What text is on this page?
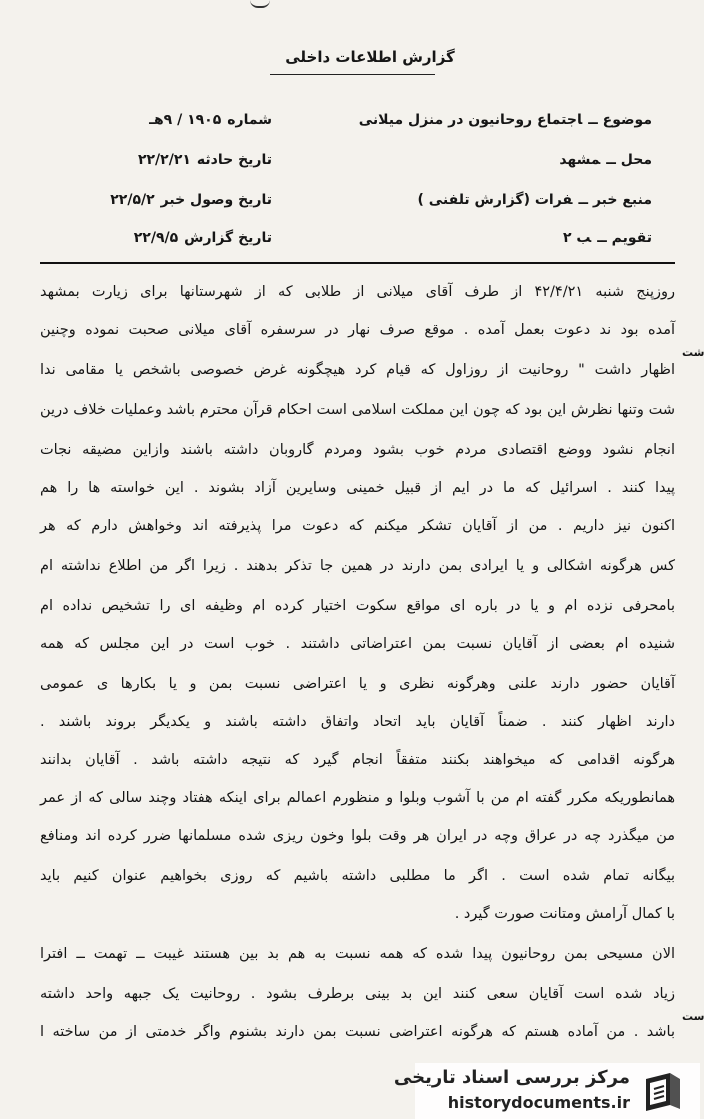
گزارش اطلاعات داخلی
موضوع ــاجتماع روحانیون در منزل میلانی
محل ــمشهد
منبع خبر ــفرات (گزارش تلفنی )
تقویم ــب ۲
شماره۱۹۰۵ / ۹هـ
تاریخ حادثه۲۲/۲/۲۱
تاریخ وصول خبر۲۲/۵/۲
تاریخ گزارش۲۲/۹/۵
روزپنج شنبه ۴۲/۴/۲۱ از طرف آقای میلانی از طلابی که از شهرستانها برای زیارت بمشهد
آمده بود ند دعوت بعمل آمده . موقع صرف نهار در سرسفره آقای میلانی صحبت نموده وچنین
اظهار داشت " روحانیت از روزاول که قیام کرد هیچگونه غرض خصوصی باشخص یا مقامی ندا
شت وتنها نظرش این بود که چون این مملکت اسلامی است احکام قرآن محترم باشد وعملیات خلاف درین
انجام نشود ووضع اقتصادی مردم خوب بشود ومردم گاروبان داشته باشند وازاین مضیقه نجات
پیدا کنند . اسرائیل که ما در ایم از قبیل خمینی وسایرین آزاد بشوند . این خواسته ها را هم
اکنون نیز داریم . من از آقایان تشکر میکنم که دعوت مرا پذیرفته اند وخواهش دارم که هر
کس هرگونه اشکالی و یا ایرادی بمن دارند در همین جا تذکر بدهند . زیرا اگر من اطلاع نداشته ام
بامحرفی نزده ام و یا در باره ای مواقع سکوت اختیار کرده ام وظیفه ای را تشخیص نداده ام
شنیده ام بعضی از آقایان نسبت بمن اعتراضاتی داشتند . خوب است در این مجلس که همه
آقایان حضور دارند علنی وهرگونه نظری و یا اعتراضی نسبت بمن و یا بکارها ی عمومی
دارند اظهار کنند . ضمناً آقایان باید اتحاد واتفاق داشته باشند و یکدیگر بروند باشند .
هرگونه اقدامی که میخواهند بکنند متفقاً انجام گیرد که نتیجه داشته باشد . آقایان بدانند
همانطوریکه مکرر گفته ام من با آشوب وبلوا و منظورم اعمالم برای اینکه هفتاد وچند سالی که از عمر
من میگذرد چه در عراق وچه در ایران هر وقت بلوا وخون ریزی شده مسلمانها ضرر کرده اند ومنافع
بیگانه تمام شده است . اگر ما مطلبی داشته باشیم که روزی بخواهیم عنوان کنیم باید
با کمال آرامش ومتانت صورت گیرد .
الان مسیحی بمن روحانیون پیدا شده که همه نسبت به هم بد بین هستند غیبت ــ تهمت ــ افترا
زیاد شده است آقایان سعی کنند این بد بینی برطرف بشود . روحانیت یک جبهه واحد داشته
باشد . من آماده هستم که هرگونه اعتراضی نسبت بمن دارند بشنوم واگر خدمتی از من ساخته ا
شت
ست
مرکز بررسی اسناد تاریخی
historydocuments.ir
